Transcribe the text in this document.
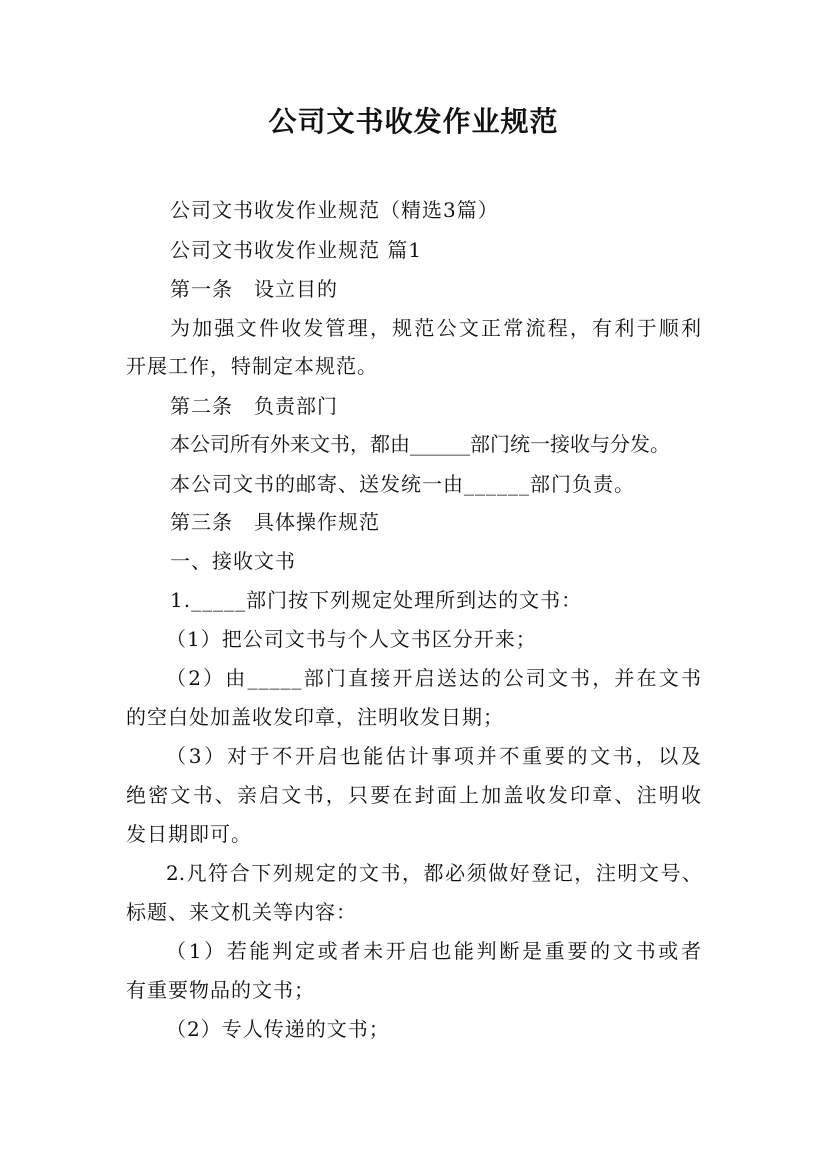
公司文书收发作业规范
公司文书收发作业规范（精选3篇）
公司文书收发作业规范 篇1
第一条　设立目的
为加强文件收发管理，规范公文正常流程，有利于顺利
开展工作，特制定本规范。
第二条　负责部门
本公司所有外来文书，都由______部门统一接收与分发。
本公司文书的邮寄、送发统一由______部门负责。
第三条　具体操作规范
一、接收文书
1._____部门按下列规定处理所到达的文书：
（1）把公司文书与个人文书区分开来；
（2）由_____部门直接开启送达的公司文书，并在文书
的空白处加盖收发印章，注明收发日期；
（3）对于不开启也能估计事项并不重要的文书，以及
绝密文书、亲启文书，只要在封面上加盖收发印章、注明收
发日期即可。
2.凡符合下列规定的文书，都必须做好登记，注明文号、
标题、来文机关等内容：
（1）若能判定或者未开启也能判断是重要的文书或者
有重要物品的文书；
（2）专人传递的文书；
